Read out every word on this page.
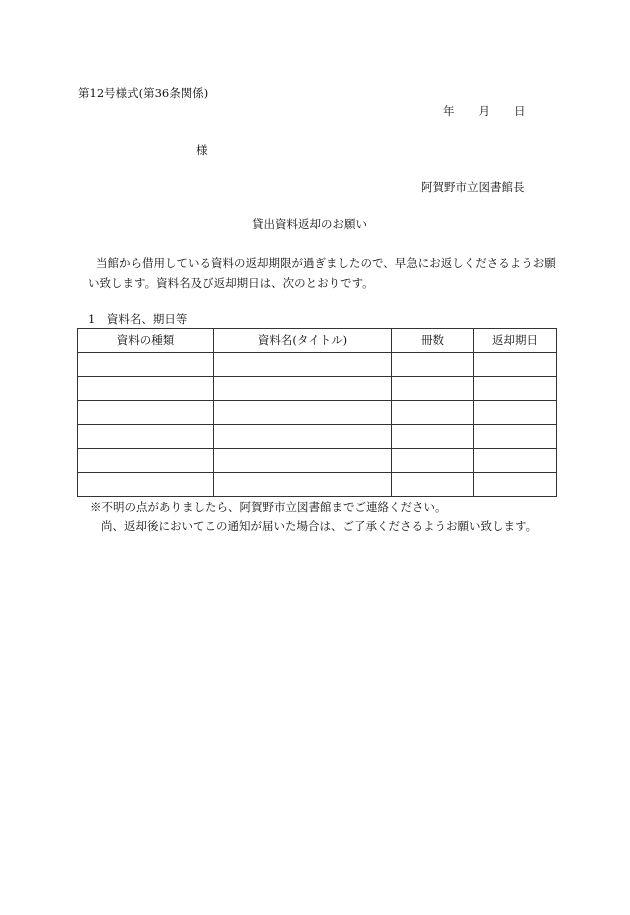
第12号様式(第36条関係)
年 月 日
様
阿賀野市立図書館長
貸出資料返却のお願い
当館から借用している資料の返却期限が過ぎましたので、早急にお返しくださるようお願い致します。資料名及び返却期日は、次のとおりです。
1　資料名、期日等
資料の種類	資料名(タイトル)	冊数	返却期日

※不明の点がありましたら、阿賀野市立図書館までご連絡ください。
尚、返却後においてこの通知が届いた場合は、ご了承くださるようお願い致します。
